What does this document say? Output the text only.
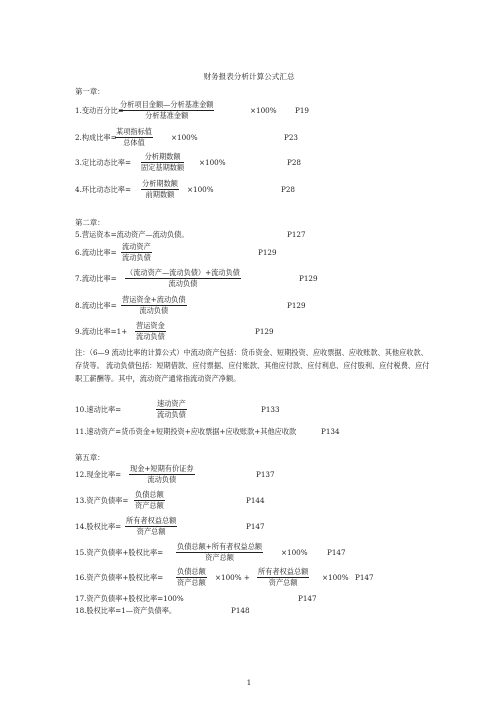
财务报表分析计算公式汇总
第一章：
1.变动百分比=
分析项目金额—分析基准金额
分析基准金额
×100%	P19
2.构成比率=
某项指标值
总体值
×100%	P23
3.定比动态比率=
分析期数额
固定基期数额
×100%	P28
4.环比动态比率=
分析期数额
前期数额
×100%	P28
第二章：
5.营运资本=流动资产—流动负债。	P127
6.流动比率=
流动资产
流动负债
P129
7.流动比率=
（流动资产—流动负债）+流动负债
流动负债
P129
8.流动比率=
营运资金+流动负债
流动负债
P129
9.流动比率=1+
营运资金
流动负债
P129
注：（6—9 流动比率的计算公式）中流动资产包括：货币资金、短期投资、应收票据、应收账款、其他应收款、存货等。 流动负债包括：短期借款、应付票据、应付账款、其他应付款、应付利息、应付股利、应付税费、应付职工薪酬等。其中，流动资产通常指流动资产净额。
10.速动比率=
速动资产
流动负债
P133
11.速动资产=货币资金+短期投资+应收票据+应收账款+其他应收款	P134
第五章：
12.现金比率=
现金+短期有价证券
流动负债
P137
13.资产负债率=
负债总额
资产总额
P144
14.股权比率=
所有者权益总额
资产总额
P147
15.资产负债率+股权比率=
负债总额+所有者权益总额
资产总额
×100%	P147
16.资产负债率+股权比率=
负债总额
资产总额
×100% +
所有者权益总额
资产总额
×100% P147
17.资产负债率+股权比率=100%	P147
18.股权比率=1—资产负债率。	P148
1
